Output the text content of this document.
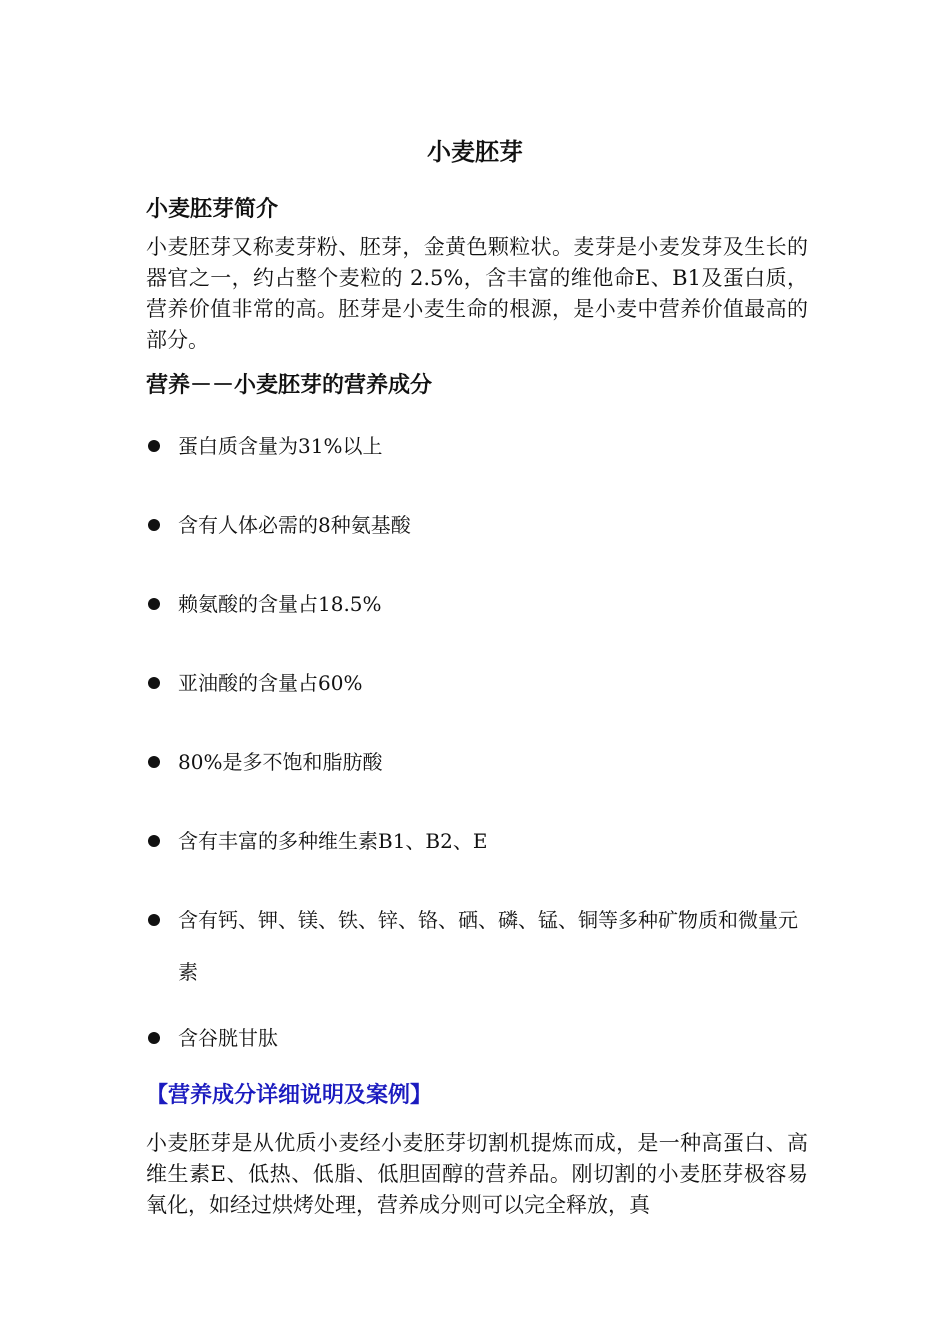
小麦胚芽
小麦胚芽简介

小麦胚芽又称麦芽粉、胚芽，金黄色颗粒状。麦芽是小麦发芽及生长的器官之一，约占整个麦粒的 2.5%，含丰富的维他命E、B1及蛋白质，营养价值非常的高。胚芽是小麦生命的根源，是小麦中营养价值最高的部分。

营养－－小麦胚芽的营养成分
蛋白质含量为31%以上
含有人体必需的8种氨基酸
赖氨酸的含量占18.5%
亚油酸的含量占60%
80%是多不饱和脂肪酸
含有丰富的多种维生素B1、B2、E
含有钙、钾、镁、铁、锌、铬、硒、磷、锰、铜等多种矿物质和微量元素
含谷胱甘肽
【营养成分详细说明及案例】

小麦胚芽是从优质小麦经小麦胚芽切割机提炼而成，是一种高蛋白、高维生素E、低热、低脂、低胆固醇的营养品。刚切割的小麦胚芽极容易氧化，如经过烘烤处理，营养成分则可以完全释放，真
